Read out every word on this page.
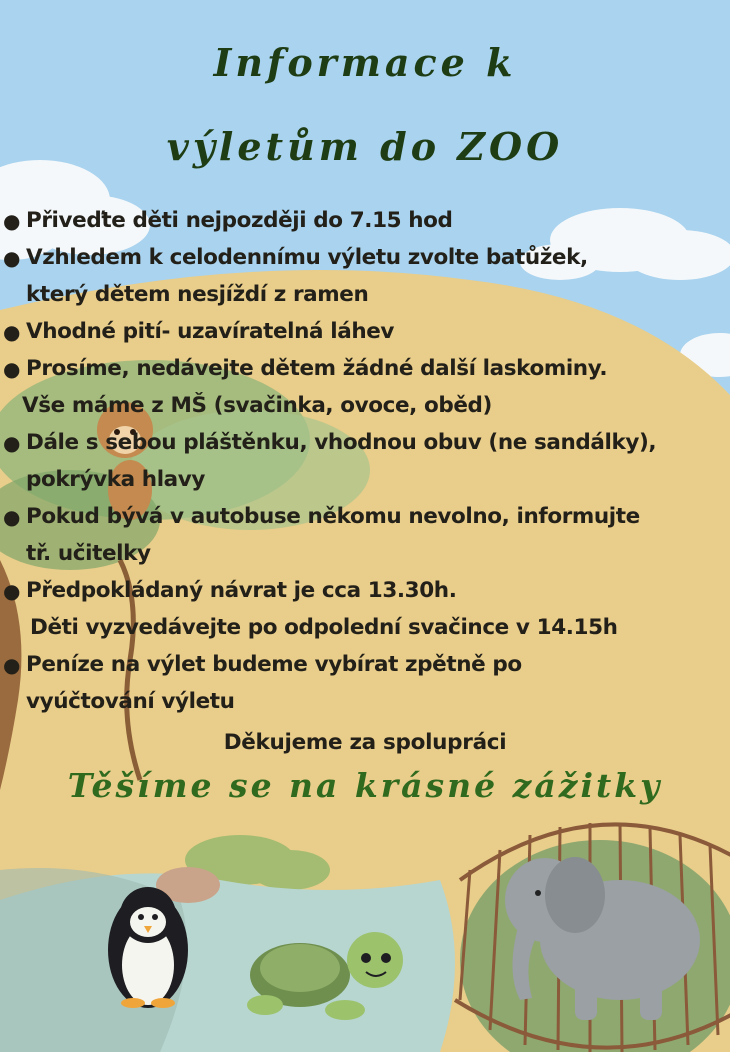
Informace k
výletům do ZOO
● Přiveďte děti nejpozději do 7.15 hod
● Vzhledem k celodennímu výletu zvolte batůžek,
který dětem nesjíždí z ramen
● Vhodné pití- uzavíratelná láhev
● Prosíme, nedávejte dětem žádné další laskominy.
Vše máme z MŠ (svačinka, ovoce, oběd)
● Dále s sebou pláštěnku, vhodnou obuv (ne sandálky),
pokrývka hlavy
● Pokud bývá v autobuse někomu nevolno, informujte
tř. učitelky
● Předpokládaný návrat je cca 13.30h.
Děti vyzvedávejte po odpolední svačince v 14.15h
● Peníze na výlet budeme vybírat zpětně po
vyúčtování výletu
Děkujeme za spolupráci
Těšíme se na krásné zážitky
